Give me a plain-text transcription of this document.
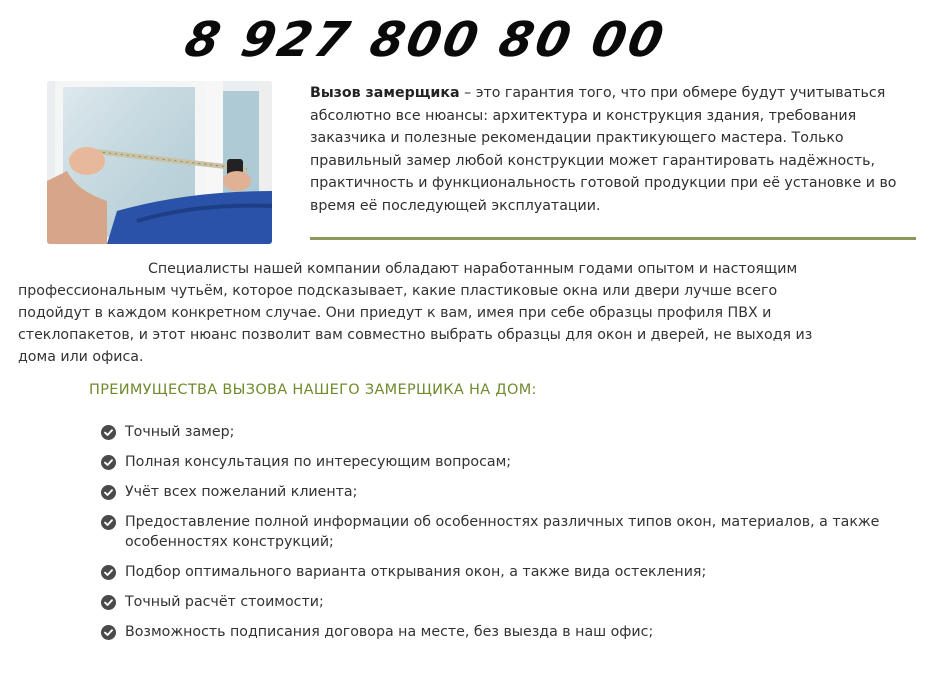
8 927 800 80 00
Вызов замерщика – это гарантия того, что при обмере будут учитываться абсолютно все нюансы: архитектура и конструкция здания, требования заказчика и полезные рекомендации практикующего мастера. Только правильный замер любой конструкции может гарантировать надёжность, практичность и функциональность готовой продукции при её установке и во время её последующей эксплуатации.
Специалисты нашей компании обладают наработанным годами опытом и настоящим профессиональным чутьём, которое подсказывает, какие пластиковые окна или двери лучше всего подойдут в каждом конкретном случае. Они приедут к вам, имея при себе образцы профиля ПВХ и стеклопакетов, и этот нюанс позволит вам совместно выбрать образцы для окон и дверей, не выходя из дома или офиса.
ПРЕИМУЩЕСТВА ВЫЗОВА НАШЕГО ЗАМЕРЩИКА НА ДОМ:
Точный замер;
Полная консультация по интересующим вопросам;
Учёт всех пожеланий клиента;
Предоставление полной информации об особенностях различных типов окон, материалов, а также особенностях конструкций;
Подбор оптимального варианта открывания окон, а также вида остекления;
Точный расчёт стоимости;
Возможность подписания договора на месте, без выезда в наш офис;
